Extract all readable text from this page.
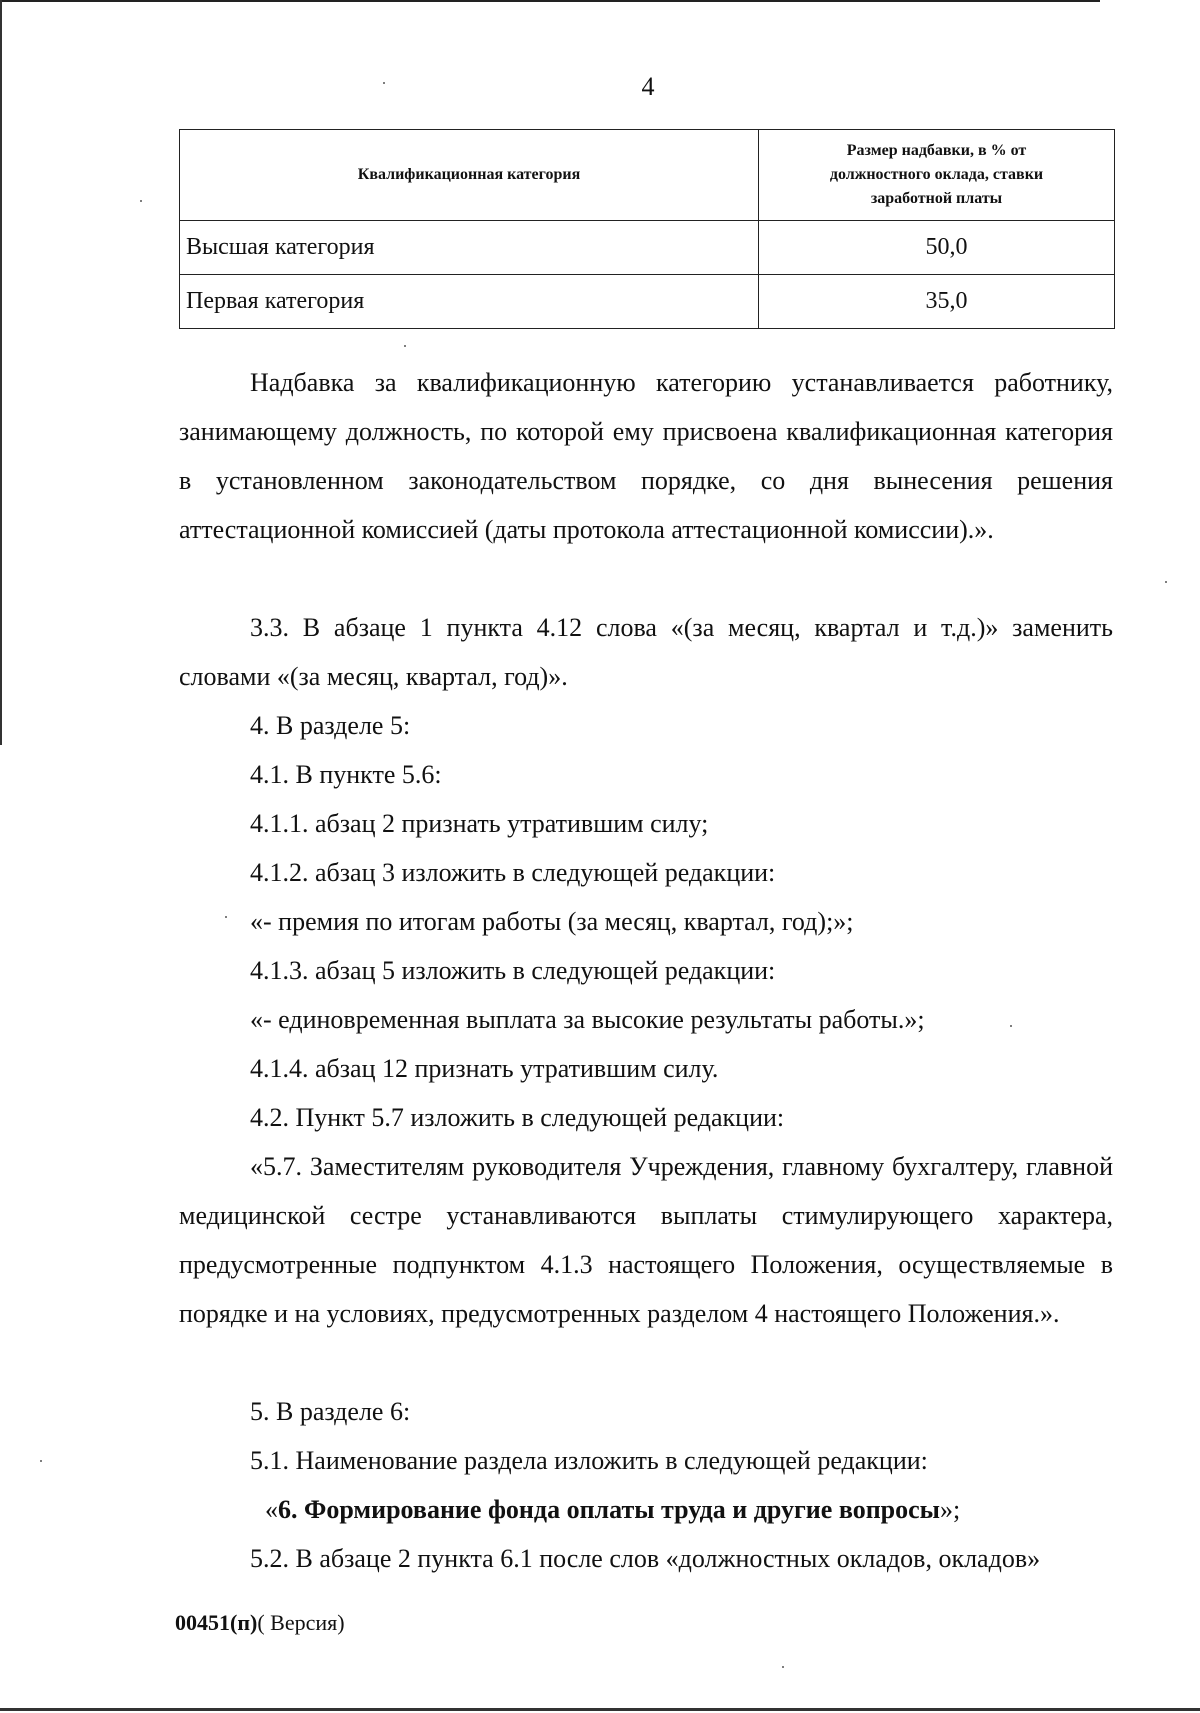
4
Квалификационная категория	Размер надбавки, в % от должностного оклада, ставки заработной платы

Высшая категория	50,0
Первая категория	35,0

Надбавка за квалификационную категорию устанавливается работнику, занимающему должность, по которой ему присвоена квалификационная категория в установленном законодательством порядке, со дня вынесения решения аттестационной комиссией (даты протокола аттестационной комиссии).».

3.3. В абзаце 1 пункта 4.12 слова «(за месяц, квартал и т.д.)» заменить словами «(за месяц, квартал, год)».

4. В разделе 5:

4.1. В пункте 5.6:

4.1.1. абзац 2 признать утратившим силу;

4.1.2. абзац 3 изложить в следующей редакции:

«- премия по итогам работы (за месяц, квартал, год);»;

4.1.3. абзац 5 изложить в следующей редакции:

«- единовременная выплата за высокие результаты работы.»;

4.1.4. абзац 12 признать утратившим силу.

4.2. Пункт 5.7 изложить в следующей редакции:

«5.7. Заместителям руководителя Учреждения, главному бухгалтеру, главной медицинской сестре устанавливаются выплаты стимулирующего характера, предусмотренные подпунктом 4.1.3 настоящего Положения, осуществляемые в порядке и на условиях, предусмотренных разделом 4 настоящего Положения.».

5. В разделе 6:

5.1. Наименование раздела изложить в следующей редакции:

«6. Формирование фонда оплаты труда и другие вопросы»;

5.2. В абзаце 2 пункта 6.1 после слов «должностных окладов, окладов»

00451(п)( Версия)
